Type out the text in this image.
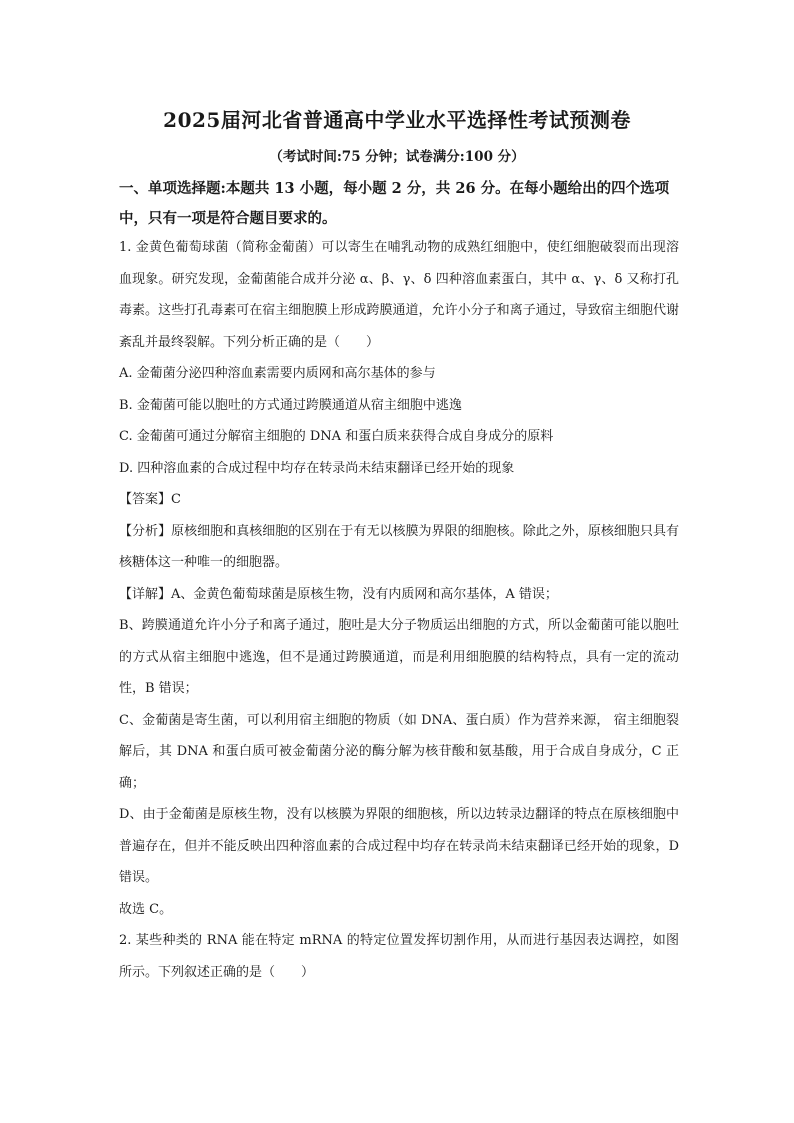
2025届河北省普通高中学业水平选择性考试预测卷
（考试时间:75 分钟；试卷满分:100 分）
一、单项选择题:本题共 13 小题，每小题 2 分，共 26 分。在每小题给出的四个选项中，只有一项是符合题目要求的。

1. 金黄色葡萄球菌（简称金葡菌）可以寄生在哺乳动物的成熟红细胞中，使红细胞破裂而出现溶血现象。研究发现，金葡菌能合成并分泌 α、β、γ、δ 四种溶血素蛋白，其中 α、γ、δ 又称打孔毒素。这些打孔毒素可在宿主细胞膜上形成跨膜通道，允许小分子和离子通过，导致宿主细胞代谢紊乱并最终裂解。下列分析正确的是（　　）

A. 金葡菌分泌四种溶血素需要内质网和高尔基体的参与

B. 金葡菌可能以胞吐的方式通过跨膜通道从宿主细胞中逃逸

C. 金葡菌可通过分解宿主细胞的 DNA 和蛋白质来获得合成自身成分的原料

D. 四种溶血素的合成过程中均存在转录尚未结束翻译已经开始的现象

【答案】C

【分析】原核细胞和真核细胞的区别在于有无以核膜为界限的细胞核。除此之外，原核细胞只具有核糖体这一种唯一的细胞器。

【详解】A、金黄色葡萄球菌是原核生物，没有内质网和高尔基体，A 错误；

B、跨膜通道允许小分子和离子通过，胞吐是大分子物质运出细胞的方式，所以金葡菌可能以胞吐的方式从宿主细胞中逃逸，但不是通过跨膜通道，而是利用细胞膜的结构特点，具有一定的流动性，B 错误；

C、金葡菌是寄生菌，可以利用宿主细胞的物质（如 DNA、蛋白质）作为营养来源， 宿主细胞裂解后，其 DNA 和蛋白质可被金葡菌分泌的酶分解为核苷酸和氨基酸，用于合成自身成分，C 正确；

D、由于金葡菌是原核生物，没有以核膜为界限的细胞核，所以边转录边翻译的特点在原核细胞中普遍存在，但并不能反映出四种溶血素的合成过程中均存在转录尚未结束翻译已经开始的现象，D 错误。

故选 C。

2. 某些种类的 RNA 能在特定 mRNA 的特定位置发挥切割作用，从而进行基因表达调控，如图所示。下列叙述正确的是（　　）
